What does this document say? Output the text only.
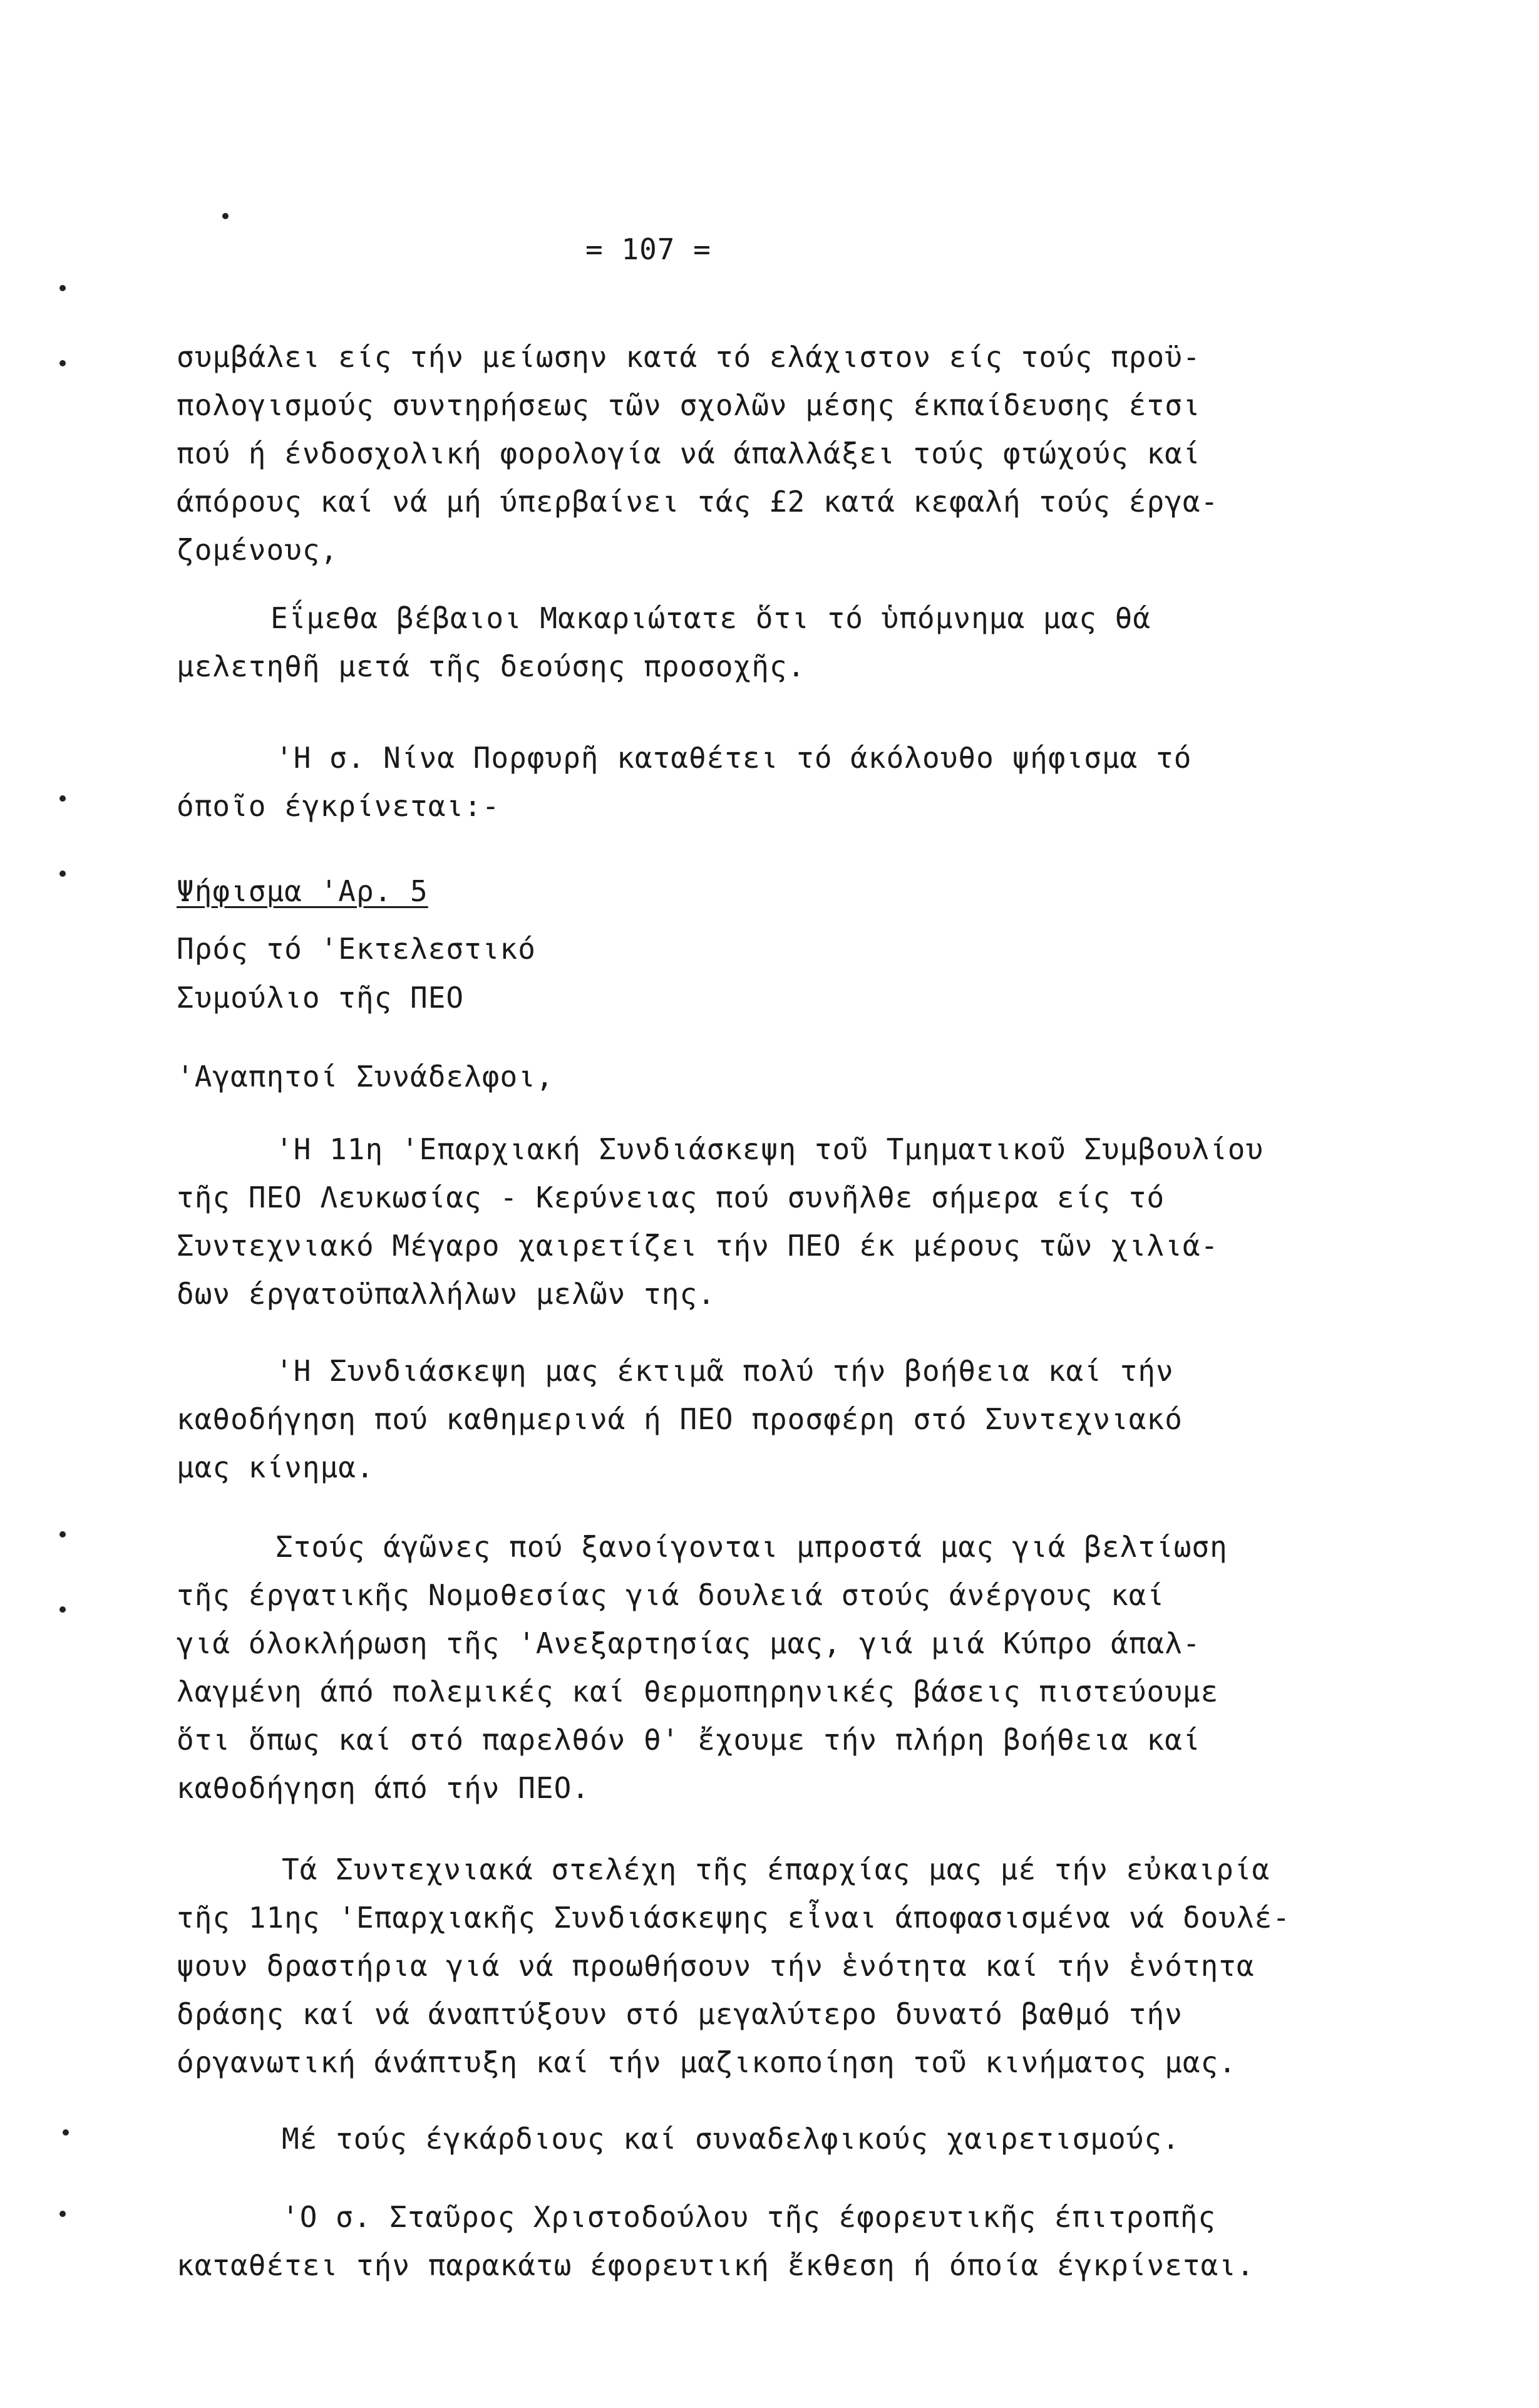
= 107 =
συμβάλει είς τήν μείωσην κατά τό ελάχιστον είς τούς προϋ-
πολογισμούς συντηρήσεως τῶν σχολῶν μέσης έκπαίδευσης έτσι
πού ή ένδοσχολική φορολογία νά άπαλλάξει τούς φτώχούς καί
άπόρους καί νά μή ύπερβαίνει τάς £2 κατά κεφαλή τούς έργα-
ζομένους,
Εΐμεθα βέβαιοι Μακαριώτατε ὅτι τό ὑπόμνημα μας θά
μελετηθῆ μετά τῆς δεούσης προσοχῆς.
'Η σ. Νίνα Πορφυρῆ καταθέτει τό άκόλουθο ψήφισμα τό
όποῖο έγκρίνεται:-
Ψήφισμα 'Αρ. 5
Πρός τό 'Εκτελεστικό
Συμούλιο τῆς ΠΕΟ
'Αγαπητοί Συνάδελφοι,
'Η 11η 'Επαρχιακή Συνδιάσκεψη τοῦ Τμηματικοῦ Συμβουλίου
τῆς ΠΕΟ Λευκωσίας - Κερύνειας πού συνῆλθε σήμερα είς τό
Συντεχνιακό Μέγαρο χαιρετίζει τήν ΠΕΟ έκ μέρους τῶν χιλιά-
δων έργατοϋπαλλήλων μελῶν της.
'Η Συνδιάσκεψη μας έκτιμᾶ πολύ τήν βοήθεια καί τήν
καθοδήγηση πού καθημερινά ή ΠΕΟ προσφέρη στό Συντεχνιακό
μας κίνημα.
Στούς άγῶνες πού ξανοίγονται μπροστά μας γιά βελτίωση
τῆς έργατικῆς Νομοθεσίας γιά δουλειά στούς άνέργους καί
γιά όλοκλήρωση τῆς 'Ανεξαρτησίας μας, γιά μιά Κύπρο άπαλ-
λαγμένη άπό πολεμικές καί θερμοπηρηνικές βάσεις πιστεύουμε
ὅτι ὅπως καί στό παρελθόν θ' ἔχουμε τήν πλήρη βοήθεια καί
καθοδήγηση άπό τήν ΠΕΟ.
Τά Συντεχνιακά στελέχη τῆς έπαρχίας μας μέ τήν εὐκαιρία
τῆς 11ης 'Επαρχιακῆς Συνδιάσκεψης εἶναι άποφασισμένα νά δουλέ-
ψουν δραστήρια γιά νά προωθήσουν τήν ἑνότητα καί τήν ἑνότητα
δράσης καί νά άναπτύξουν στό μεγαλύτερο δυνατό βαθμό τήν
όργανωτική άνάπτυξη καί τήν μαζικοποίηση τοῦ κινήματος μας.
Μέ τούς έγκάρδιους καί συναδελφικούς χαιρετισμούς.
'Ο σ. Σταῦρος Χριστοδούλου τῆς έφορευτικῆς έπιτροπῆς
καταθέτει τήν παρακάτω έφορευτική ἔκθεση ή όποία έγκρίνεται.
